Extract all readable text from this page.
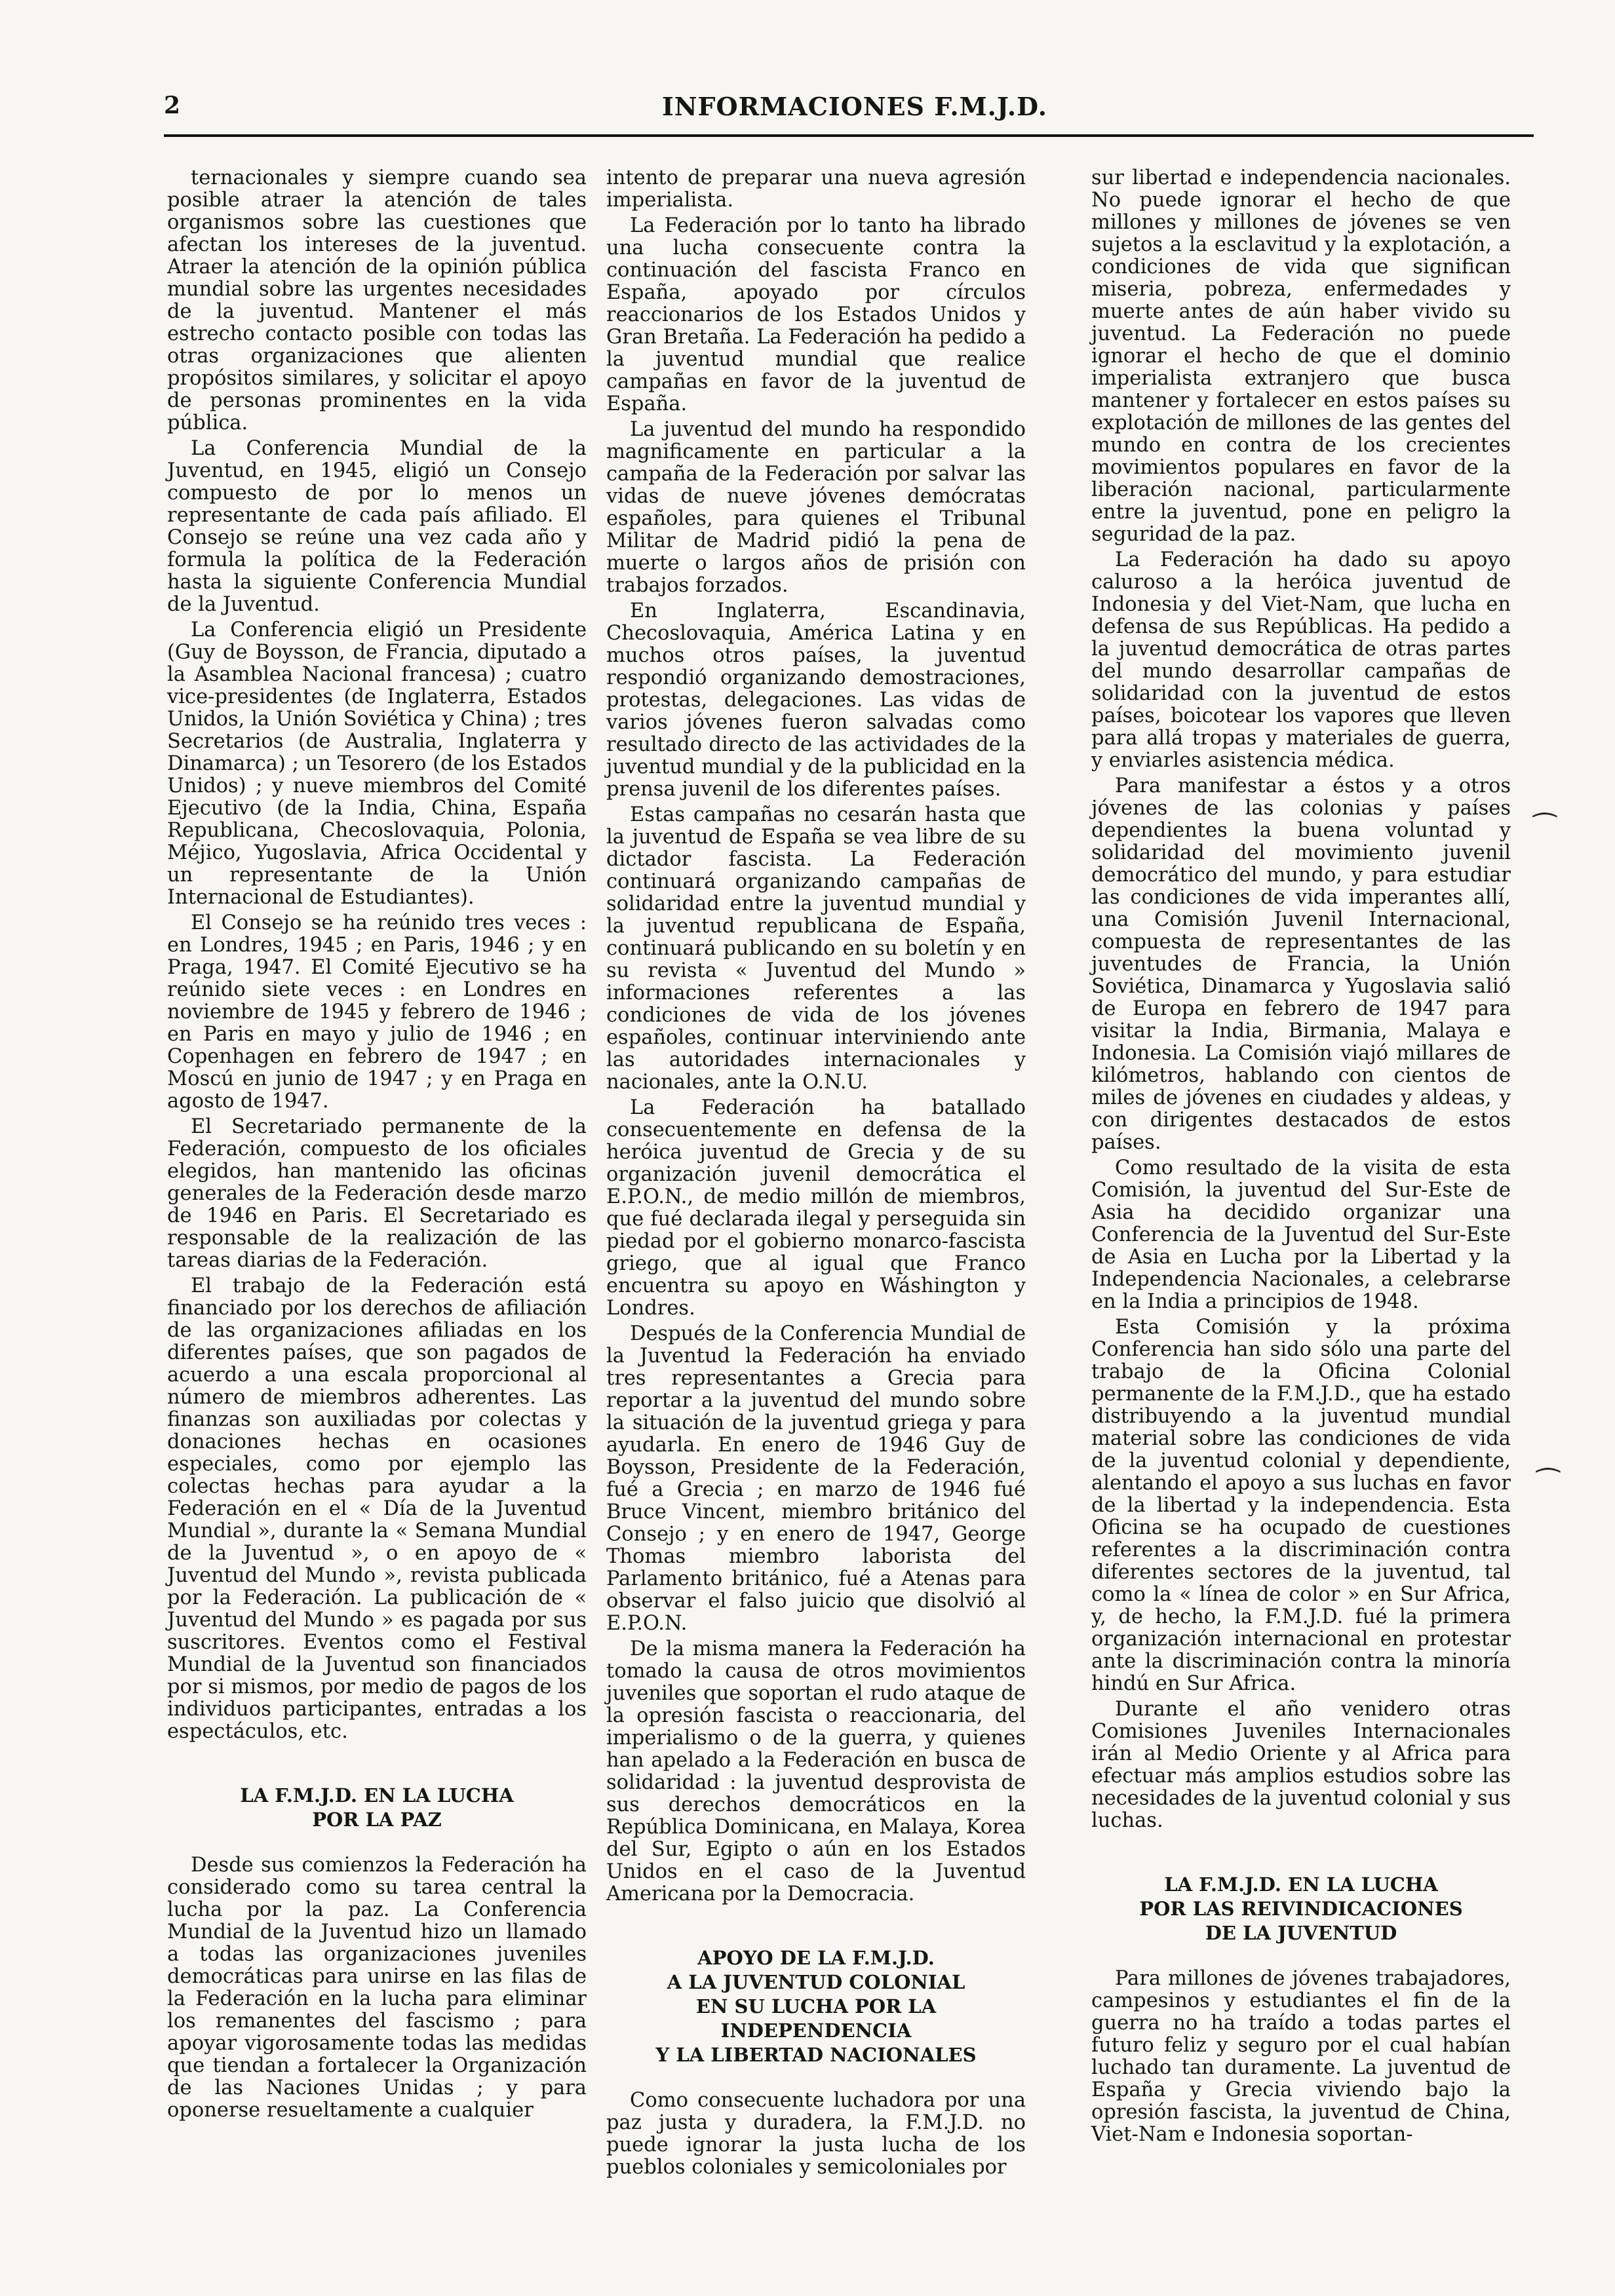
2	INFORMACIONES F.M.J.D.

ternacionales y siempre cuando sea posible atraer la atención de tales organismos sobre las cuestiones que afectan los intereses de la juventud. Atraer la atención de la opinión pública mundial sobre las urgentes necesidades de la juventud. Mantener el más estrecho contacto posible con todas las otras organizaciones que alienten propósitos similares, y solicitar el apoyo de personas prominentes en la vida pública.

La Conferencia Mundial de la Juventud, en 1945, eligió un Consejo compuesto de por lo menos un representante de cada país afiliado. El Consejo se reúne una vez cada año y formula la política de la Federación hasta la siguiente Conferencia Mundial de la Juventud.

La Conferencia eligió un Presidente (Guy de Boysson, de Francia, diputado a la Asamblea Nacional francesa) ; cuatro vice-presidentes (de Inglaterra, Estados Unidos, la Unión Soviética y China) ; tres Secretarios (de Australia, Inglaterra y Dinamarca) ; un Tesorero (de los Estados Unidos) ; y nueve miembros del Comité Ejecutivo (de la India, China, España Republicana, Checoslovaquia, Polonia, Méjico, Yugoslavia, Africa Occidental y un representante de la Unión Internacional de Estudiantes).

El Consejo se ha reúnido tres veces : en Londres, 1945 ; en Paris, 1946 ; y en Praga, 1947. El Comité Ejecutivo se ha reúnido siete veces : en Londres en noviembre de 1945 y febrero de 1946 ; en Paris en mayo y julio de 1946 ; en Copenhagen en febrero de 1947 ; en Moscú en junio de 1947 ; y en Praga en agosto de 1947.

El Secretariado permanente de la Federación, compuesto de los oficiales elegidos, han mantenido las oficinas generales de la Federación desde marzo de 1946 en Paris. El Secretariado es responsable de la realización de las tareas diarias de la Federación.

El trabajo de la Federación está financiado por los derechos de afiliación de las organizaciones afiliadas en los diferentes países, que son pagados de acuerdo a una escala proporcional al número de miembros adherentes. Las finanzas son auxiliadas por colectas y donaciones hechas en ocasiones especiales, como por ejemplo las colectas hechas para ayudar a la Federación en el « Día de la Juventud Mundial », durante la « Semana Mundial de la Juventud », o en apoyo de « Juventud del Mundo », revista publicada por la Federación. La publicación de « Juventud del Mundo » es pagada por sus suscritores. Eventos como el Festival Mundial de la Juventud son financiados por si mismos, por medio de pagos de los individuos participantes, entradas a los espectáculos, etc.

LA F.M.J.D. EN LA LUCHA
POR LA PAZ

Desde sus comienzos la Federación ha considerado como su tarea central la lucha por la paz. La Conferencia Mundial de la Juventud hizo un llamado a todas las organizaciones juveniles democráticas para unirse en las filas de la Federación en la lucha para eliminar los remanentes del fascismo ; para apoyar vigorosamente todas las medidas que tiendan a fortalecer la Organización de las Naciones Unidas ; y para oponerse resueltamente a cualquier

intento de preparar una nueva agresión imperialista.

La Federación por lo tanto ha librado una lucha consecuente contra la continuación del fascista Franco en España, apoyado por círculos reaccionarios de los Estados Unidos y Gran Bretaña. La Federación ha pedido a la juventud mundial que realice campañas en favor de la juventud de España.

La juventud del mundo ha respondido magnificamente en particular a la campaña de la Federación por salvar las vidas de nueve jóvenes demócratas españoles, para quienes el Tribunal Militar de Madrid pidió la pena de muerte o largos años de prisión con trabajos forzados.

En Inglaterra, Escandinavia, Checoslovaquia, América Latina y en muchos otros países, la juventud respondió organizando demostraciones, protestas, delegaciones. Las vidas de varios jóvenes fueron salvadas como resultado directo de las actividades de la juventud mundial y de la publicidad en la prensa juvenil de los diferentes países.

Estas campañas no cesarán hasta que la juventud de España se vea libre de su dictador fascista. La Federación continuará organizando campañas de solidaridad entre la juventud mundial y la juventud republicana de España, continuará publicando en su boletín y en su revista « Juventud del Mundo » informaciones referentes a las condiciones de vida de los jóvenes españoles, continuar interviniendo ante las autoridades internacionales y nacionales, ante la O.N.U.

La Federación ha batallado consecuentemente en defensa de la heróica juventud de Grecia y de su organización juvenil democrática el E.P.O.N., de medio millón de miembros, que fué declarada ilegal y perseguida sin piedad por el gobierno monarco-fascista griego, que al igual que Franco encuentra su apoyo en Wáshington y Londres.

Después de la Conferencia Mundial de la Juventud la Federación ha enviado tres representantes a Grecia para reportar a la juventud del mundo sobre la situación de la juventud griega y para ayudarla. En enero de 1946 Guy de Boysson, Presidente de la Federación, fué a Grecia ; en marzo de 1946 fué Bruce Vincent, miembro británico del Consejo ; y en enero de 1947, George Thomas miembro laborista del Parlamento británico, fué a Atenas para observar el falso juicio que disolvió al E.P.O.N.

De la misma manera la Federación ha tomado la causa de otros movimientos juveniles que soportan el rudo ataque de la opresión fascista o reaccionaria, del imperialismo o de la guerra, y quienes han apelado a la Federación en busca de solidaridad : la juventud desprovista de sus derechos democráticos en la República Dominicana, en Malaya, Korea del Sur, Egipto o aún en los Estados Unidos en el caso de la Juventud Americana por la Democracia.

APOYO DE LA F.M.J.D.
A LA JUVENTUD COLONIAL
EN SU LUCHA POR LA
INDEPENDENCIA
Y LA LIBERTAD NACIONALES

Como consecuente luchadora por una paz justa y duradera, la F.M.J.D. no puede ignorar la justa lucha de los pueblos coloniales y semicoloniales por

sur libertad e independencia nacionales. No puede ignorar el hecho de que millones y millones de jóvenes se ven sujetos a la esclavitud y la explotación, a condiciones de vida que significan miseria, pobreza, enfermedades y muerte antes de aún haber vivido su juventud. La Federación no puede ignorar el hecho de que el dominio imperialista extranjero que busca mantener y fortalecer en estos países su explotación de millones de las gentes del mundo en contra de los crecientes movimientos populares en favor de la liberación nacional, particularmente entre la juventud, pone en peligro la seguridad de la paz.

La Federación ha dado su apoyo caluroso a la heróica juventud de Indonesia y del Viet-Nam, que lucha en defensa de sus Repúblicas. Ha pedido a la juventud democrática de otras partes del mundo desarrollar campañas de solidaridad con la juventud de estos países, boicotear los vapores que lleven para allá tropas y materiales de guerra, y enviarles asistencia médica.

Para manifestar a éstos y a otros jóvenes de las colonias y países dependientes la buena voluntad y solidaridad del movimiento juvenil democrático del mundo, y para estudiar las condiciones de vida imperantes allí, una Comisión Juvenil Internacional, compuesta de representantes de las juventudes de Francia, la Unión Soviética, Dinamarca y Yugoslavia salió de Europa en febrero de 1947 para visitar la India, Birmania, Malaya e Indonesia. La Comisión viajó millares de kilómetros, hablando con cientos de miles de jóvenes en ciudades y aldeas, y con dirigentes destacados de estos países.

Como resultado de la visita de esta Comisión, la juventud del Sur-Este de Asia ha decidido organizar una Conferencia de la Juventud del Sur-Este de Asia en Lucha por la Libertad y la Independencia Nacionales, a celebrarse en la India a principios de 1948.

Esta Comisión y la próxima Conferencia han sido sólo una parte del trabajo de la Oficina Colonial permanente de la F.M.J.D., que ha estado distribuyendo a la juventud mundial material sobre las condiciones de vida de la juventud colonial y dependiente, alentando el apoyo a sus luchas en favor de la libertad y la independencia. Esta Oficina se ha ocupado de cuestiones referentes a la discriminación contra diferentes sectores de la juventud, tal como la « línea de color » en Sur Africa, y, de hecho, la F.M.J.D. fué la primera organización internacional en protestar ante la discriminación contra la minoría hindú en Sur Africa.

Durante el año venidero otras Comisiones Juveniles Internacionales irán al Medio Oriente y al Africa para efectuar más amplios estudios sobre las necesidades de la juventud colonial y sus luchas.

LA F.M.J.D. EN LA LUCHA
POR LAS REIVINDICACIONES
DE LA JUVENTUD

Para millones de jóvenes trabajadores, campesinos y estudiantes el fin de la guerra no ha traído a todas partes el futuro feliz y seguro por el cual habían luchado tan duramente. La juventud de España y Grecia viviendo bajo la opresión fascista, la juventud de China, Viet-Nam e Indonesia soportan-

⁀
⁀
